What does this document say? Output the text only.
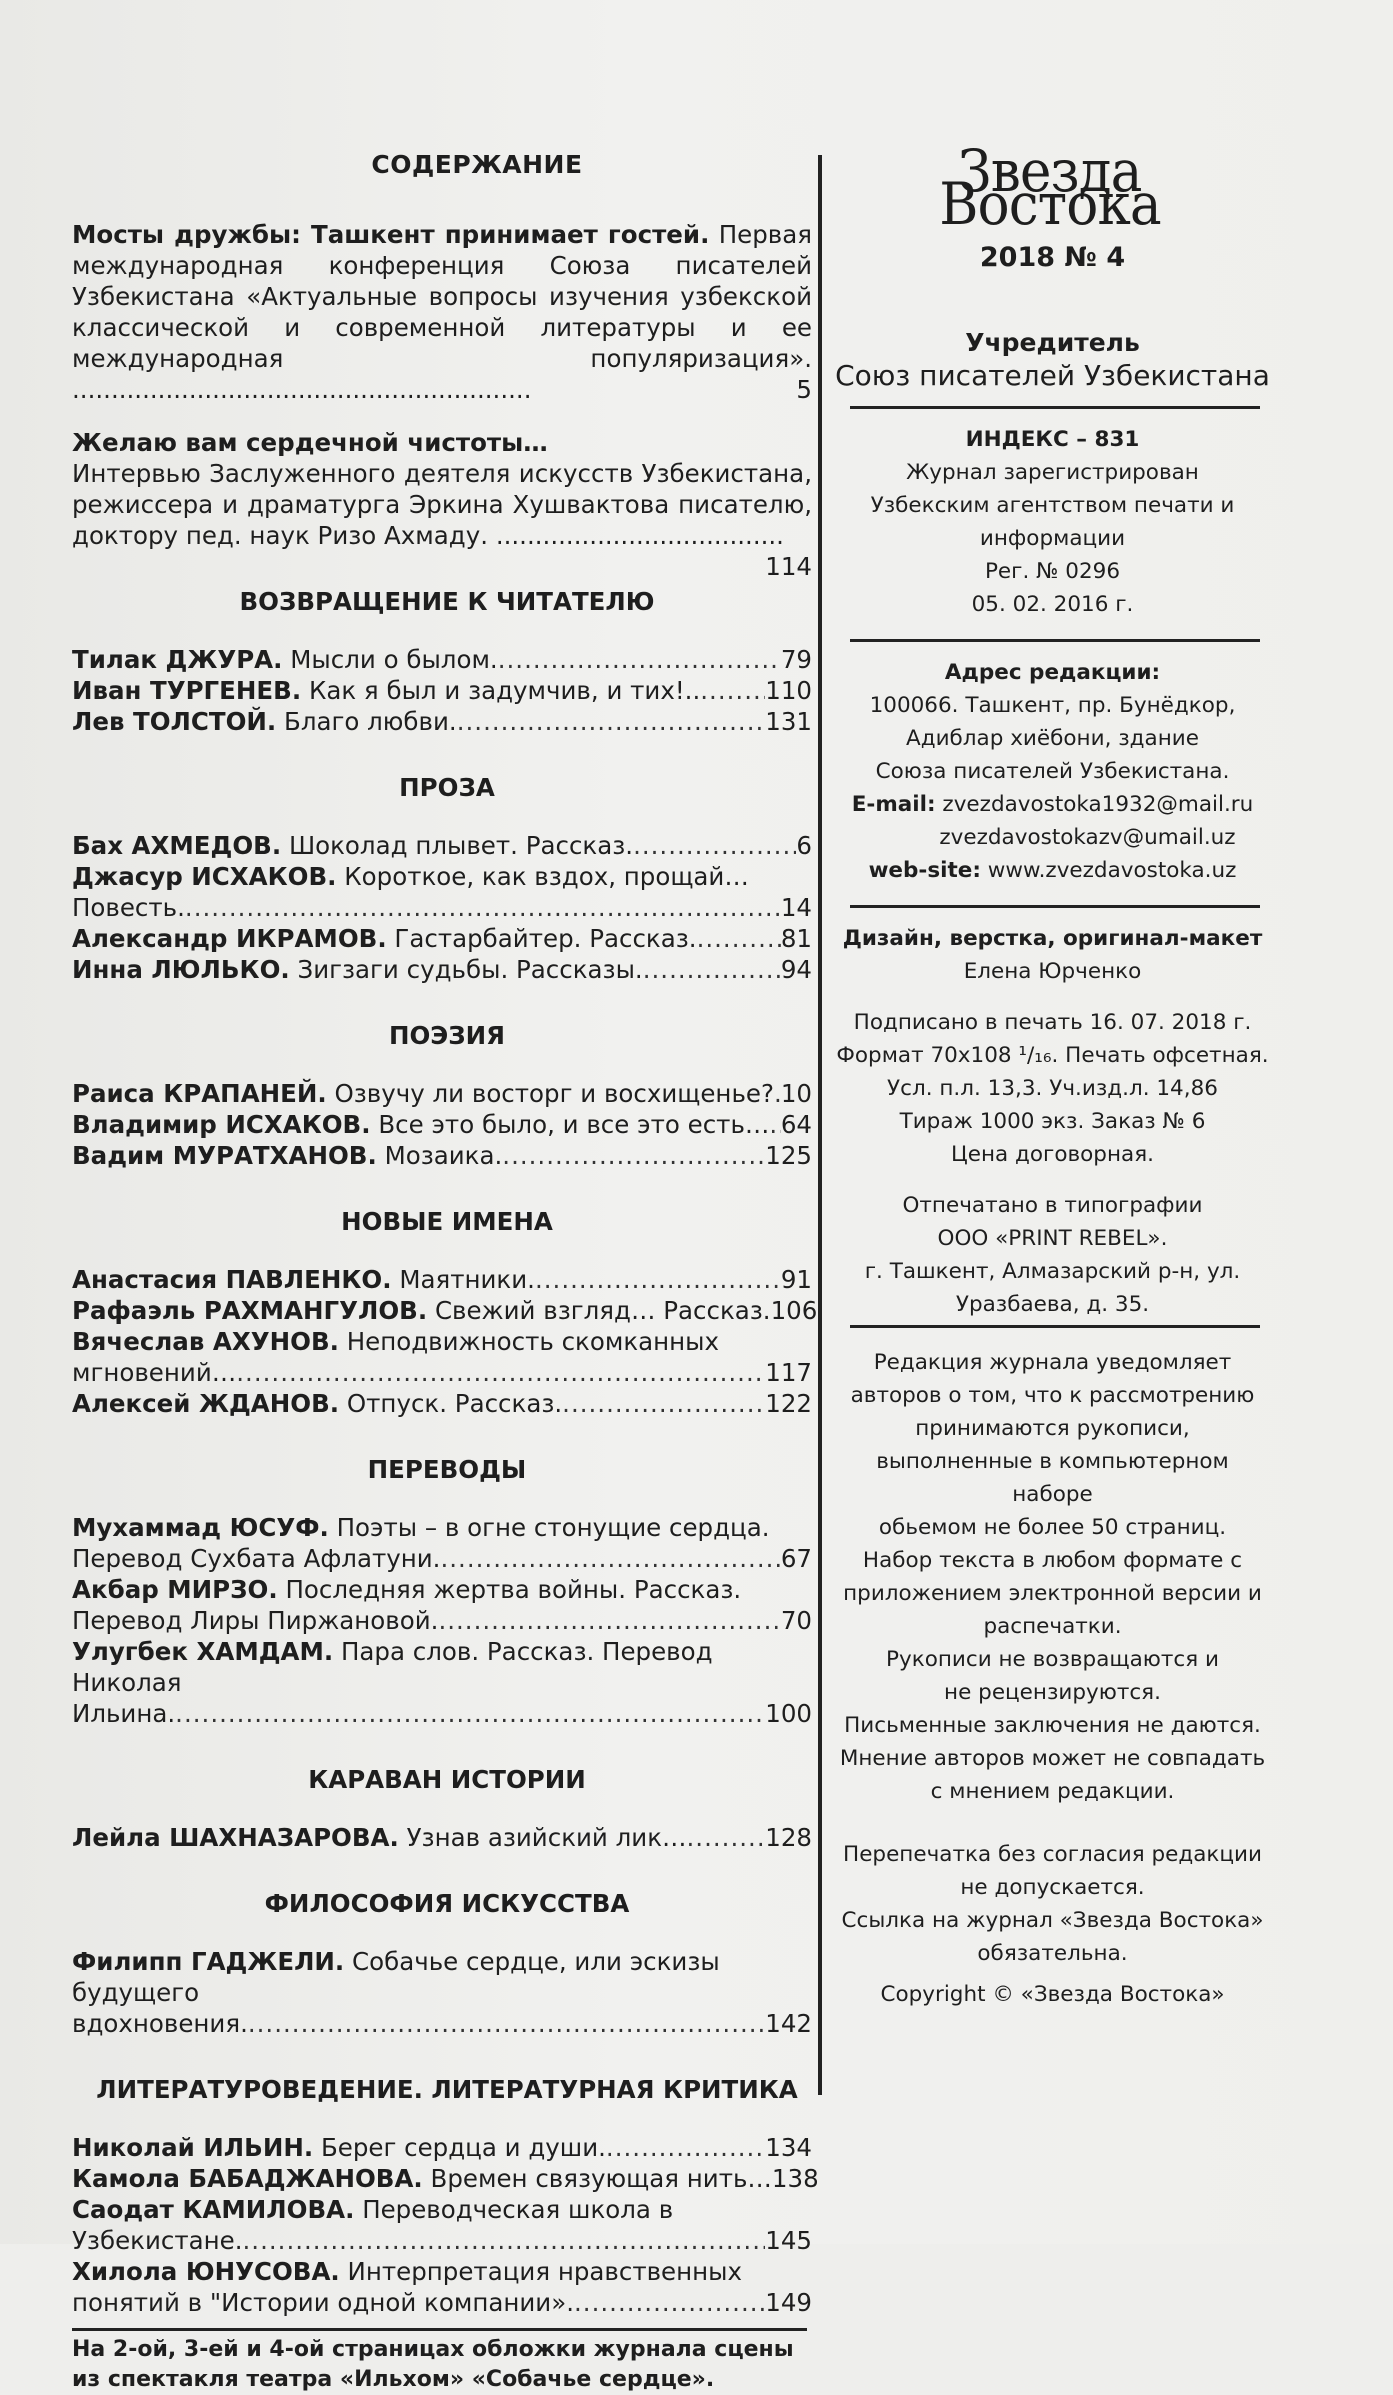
СОДЕРЖАНИЕ
Мосты дружбы: Ташкент принимает гостей. Первая международная конференция Союза писателей Узбекистана «Актуальные вопросы изучения узбекской классической и современной литературы и ее международная популяризация». ...........................................................	5
Желаю вам сердечной чистоты…
Интервью Заслуженного деятеля искусств Узбекистана, режиссера и драматурга Эркина Хушвактова писателю, доктору пед. наук Ризо Ахмаду. .....................................
114
ВОЗВРАЩЕНИЕ К ЧИТАТЕЛЮ
Тилак ДЖУРА. Мысли о былом. .....	79
Иван ТУРГЕНЕВ. Как я был и задумчив, и тих!.. .....	110
Лев ТОЛСТОЙ. Благо любви. .....	131
ПРОЗА
Бах АХМЕДОВ. Шоколад плывет. Рассказ. .....	6
Джасур ИСХАКОВ. Короткое, как вздох, прощай…
Повесть. .....	14
Александр ИКРАМОВ. Гастарбайтер. Рассказ. .....	81
Инна ЛЮЛЬКО. Зигзаги судьбы. Рассказы. .....	94
ПОЭЗИЯ
Раиса КРАПАНЕЙ. Озвучу ли восторг и восхищенье? ..... 10
Владимир ИСХАКОВ. Все это было, и все это есть… ..... 64
Вадим МУРАТХАНОВ. Мозаика. .....	125
НОВЫЕ ИМЕНА
Анастасия ПАВЛЕНКО. Маятники. .....	91
Рафаэль РАХМАНГУЛОВ. Свежий взгляд… Рассказ. 106
Вячеслав АХУНОВ. Неподвижность скомканных
мгновений… .....	117
Алексей ЖДАНОВ. Отпуск. Рассказ. .....	122
ПЕРЕВОДЫ
Мухаммад ЮСУФ. Поэты – в огне стонущие сердца.
Перевод Сухбата Афлатуни. .....	67
Акбар МИРЗО. Последняя жертва войны. Рассказ.
Перевод Лиры Пиржановой. .....	70
Улугбек ХАМДАМ. Пара слов. Рассказ. Перевод Николая
Ильина. .....	100
КАРАВАН ИСТОРИИ
Лейла ШАХНАЗАРОВА. Узнав азийский лик… .....	128
ФИЛОСОФИЯ ИСКУССТВА
Филипп ГАДЖЕЛИ. Собачье сердце, или эскизы будущего
вдохновения. .....	142
ЛИТЕРАТУРОВЕДЕНИЕ. ЛИТЕРАТУРНАЯ КРИТИКА
Николай ИЛЬИН. Берег сердца и души. .....	134
Камола БАБАДЖАНОВА. Времен связующая нить… 138
Саодат КАМИЛОВА. Переводческая школа в
Узбекистане. .....	145
Хилола ЮНУСОВА. Интерпретация нравственных
понятий в "Истории одной компании». .....	149
На 2-ой, 3-ей и 4-ой страницах обложки журнала сцены из спектакля театра «Ильхом» «Собачье сердце».
Звезда Востока
2018 № 4
Учредитель
Союз писателей Узбекистана
ИНДЕКС – 831
Журнал зарегистрирован
Узбекским агентством печати и
информации
Рег. № 0296
05. 02. 2016 г.
Адрес редакции:
100066. Ташкент, пр. Бунёдкор,
Адиблар хиёбони, здание
Союза писателей Узбекистана.
E-mail: zvezdavostoka1932@mail.ru
zvezdavostokazv@umail.uz
web-site: www.zvezdavostoka.uz
Дизайн, верстка, оригинал-макет
Елена Юрченко
Подписано в печать 16. 07. 2018 г.
Формат 70х108 ¹/₁₆. Печать офсетная.
Усл. п.л. 13,3. Уч.изд.л. 14,86
Тираж 1000 экз. Заказ № 6
Цена договорная.
Отпечатано в типографии
ООО «PRINT REBEL».
г. Ташкент, Алмазарский р-н, ул.
Уразбаева, д. 35.
Редакция журнала уведомляет
авторов о том, что к рассмотрению
принимаются рукописи,
выполненные в компьютерном наборе
обьемом не более 50 страниц.
Набор текста в любом формате с
приложением электронной версии и
распечатки.
Рукописи не возвращаются и
не рецензируются.
Письменные заключения не даются.
Мнение авторов может не совпадать
с мнением редакции.
Перепечатка без согласия редакции
не допускается.
Ссылка на журнал «Звезда Востока»
обязательна.
Copyright © «Звезда Востока»
